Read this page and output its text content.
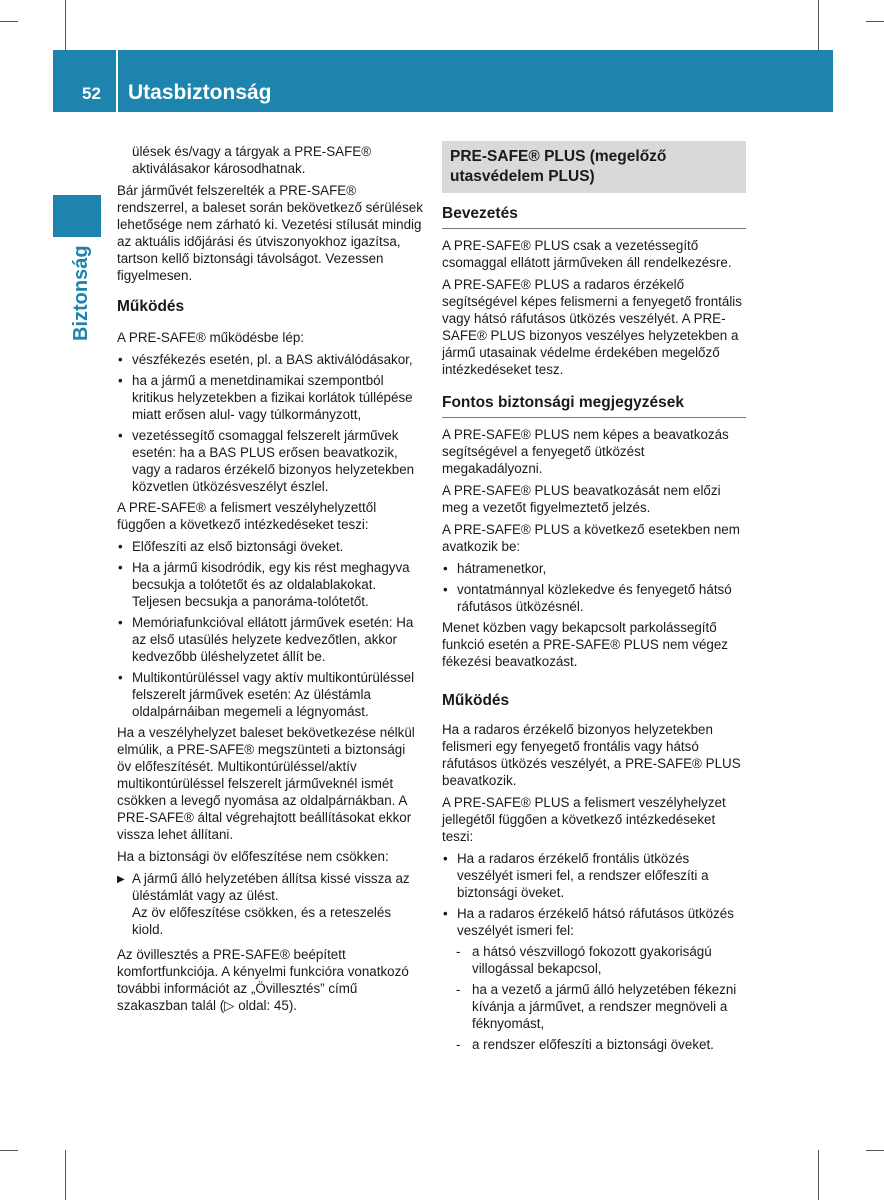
52 Utasbiztonság
Biztonság

ülések és/vagy a tárgyak a PRE-SAFE® aktiválásakor károsodhatnak.

Bár járművét felszerelték a PRE-SAFE® rendszerrel, a baleset során bekövetkező sérülések lehetősége nem zárható ki. Vezetési stílusát mindig az aktuális időjárási és útviszonyokhoz igazítsa, tartson kellő biztonsági távolságot. Vezessen figyelmesen.

Működés

A PRE-SAFE® működésbe lép:

• vészfékezés esetén, pl. a BAS aktiválódásakor,
• ha a jármű a menetdinamikai szempontból kritikus helyzetekben a fizikai korlátok túllépése miatt erősen alul- vagy túlkormányzott,
• vezetéssegítő csomaggal felszerelt járművek esetén: ha a BAS PLUS erősen beavatkozik, vagy a radaros érzékelő bizonyos helyzetekben közvetlen ütközésveszélyt észlel.

A PRE-SAFE® a felismert veszélyhelyzettől függően a következő intézkedéseket teszi:

• Előfeszíti az első biztonsági öveket.
• Ha a jármű kisodródik, egy kis rést meghagyva becsukja a tolótetőt és az oldalablakokat. Teljesen becsukja a panoráma-tolótetőt.
• Memóriafunkcióval ellátott járművek esetén: Ha az első utasülés helyzete kedvezőtlen, akkor kedvezőbb üléshelyzetet állít be.
• Multikontúrüléssel vagy aktív multikontúrüléssel felszerelt járművek esetén: Az üléstámla oldalpárnáiban megemeli a légnyomást.

Ha a veszélyhelyzet baleset bekövetkezése nélkül elmúlik, a PRE-SAFE® megszünteti a biztonsági öv előfeszítését. Multikontúrüléssel/aktív multikontúrüléssel felszerelt járműveknél ismét csökken a levegő nyomása az oldalpárnákban. A PRE-SAFE® által végrehajtott beállításokat ekkor vissza lehet állítani.

Ha a biztonsági öv előfeszítése nem csökken:

▶ A jármű álló helyzetében állítsa kissé vissza az üléstámlát vagy az ülést.
Az öv előfeszítése csökken, és a reteszelés kiold.

Az övillesztés a PRE-SAFE® beépített komfortfunkciója. A kényelmi funkcióra vonatkozó további információt az „Övillesztés” című szakaszban talál (▷ oldal: 45).

PRE-SAFE® PLUS (megelőző utasvédelem PLUS)
Bevezetés

A PRE-SAFE® PLUS csak a vezetéssegítő csomaggal ellátott járműveken áll rendelkezésre.

A PRE-SAFE® PLUS a radaros érzékelő segítségével képes felismerni a fenyegető frontális vagy hátsó ráfutásos ütközés veszélyét. A PRE-SAFE® PLUS bizonyos veszélyes helyzetekben a jármű utasainak védelme érdekében megelőző intézkedéseket tesz.

Fontos biztonsági megjegyzések

A PRE-SAFE® PLUS nem képes a beavatkozás segítségével a fenyegető ütközést megakadályozni.

A PRE-SAFE® PLUS beavatkozását nem előzi meg a vezetőt figyelmeztető jelzés.

A PRE-SAFE® PLUS a következő esetekben nem avatkozik be:

• hátramenetkor,
• vontatmánnyal közlekedve és fenyegető hátsó ráfutásos ütközésnél.

Menet közben vagy bekapcsolt parkolássegítő funkció esetén a PRE-SAFE® PLUS nem végez fékezési beavatkozást.

Működés

Ha a radaros érzékelő bizonyos helyzetekben felismeri egy fenyegető frontális vagy hátsó ráfutásos ütközés veszélyét, a PRE-SAFE® PLUS beavatkozik.

A PRE-SAFE® PLUS a felismert veszélyhelyzet jellegétől függően a következő intézkedéseket teszi:

• Ha a radaros érzékelő frontális ütközés veszélyét ismeri fel, a rendszer előfeszíti a biztonsági öveket.
• Ha a radaros érzékelő hátsó ráfutásos ütközés veszélyét ismeri fel:
- a hátsó vészvillogó fokozott gyakoriságú villogással bekapcsol,
- ha a vezető a jármű álló helyzetében fékezni kívánja a járművet, a rendszer megnöveli a féknyomást,
- a rendszer előfeszíti a biztonsági öveket.
